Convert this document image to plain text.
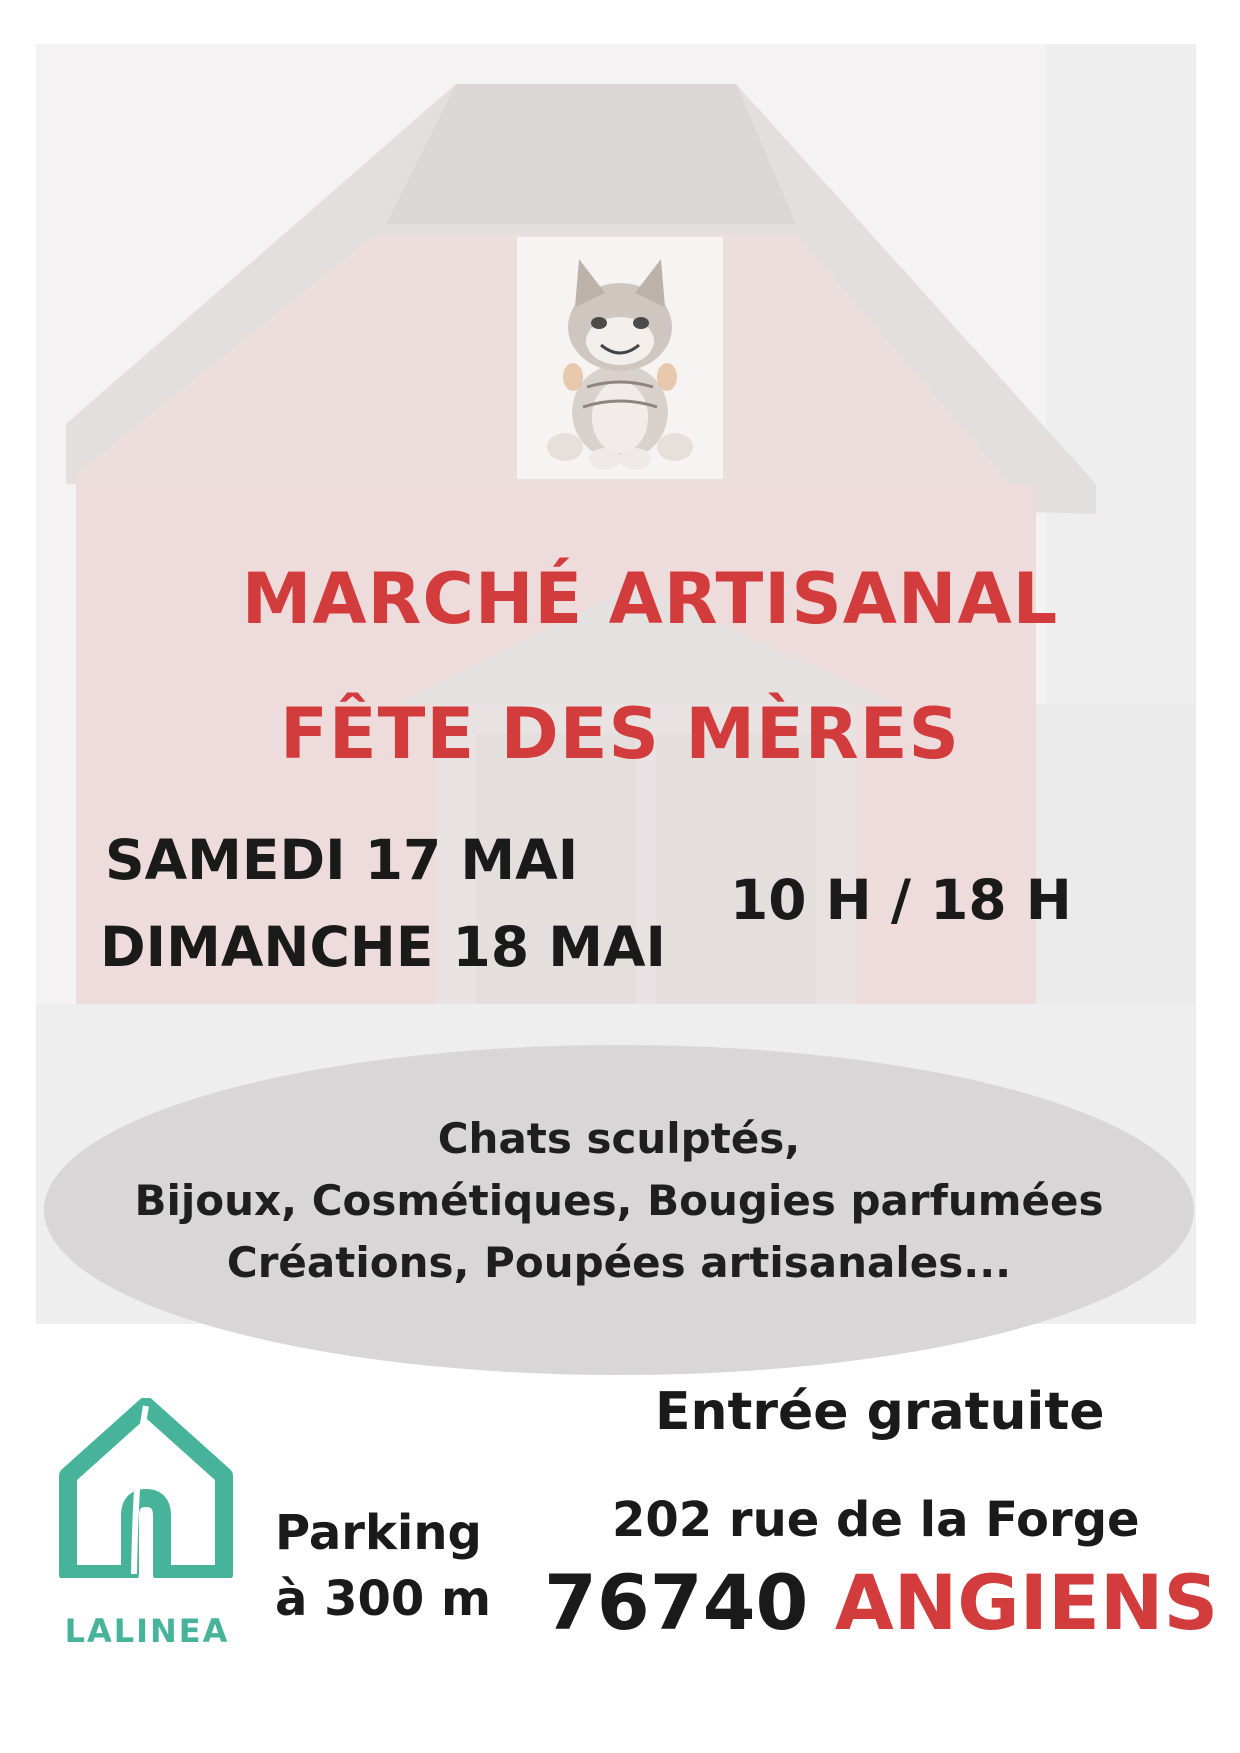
MARCHÉ ARTISANAL
FÊTE DES MÈRES
SAMEDI 17 MAI
DIMANCHE 18 MAI
10 H / 18 H
Chats sculptés,
Bijoux, Cosmétiques, Bougies parfumées
Créations, Poupées artisanales...
Entrée gratuite
202 rue de la Forge
76740 ANGIENS
Parking
à 300 m
LALINEA
